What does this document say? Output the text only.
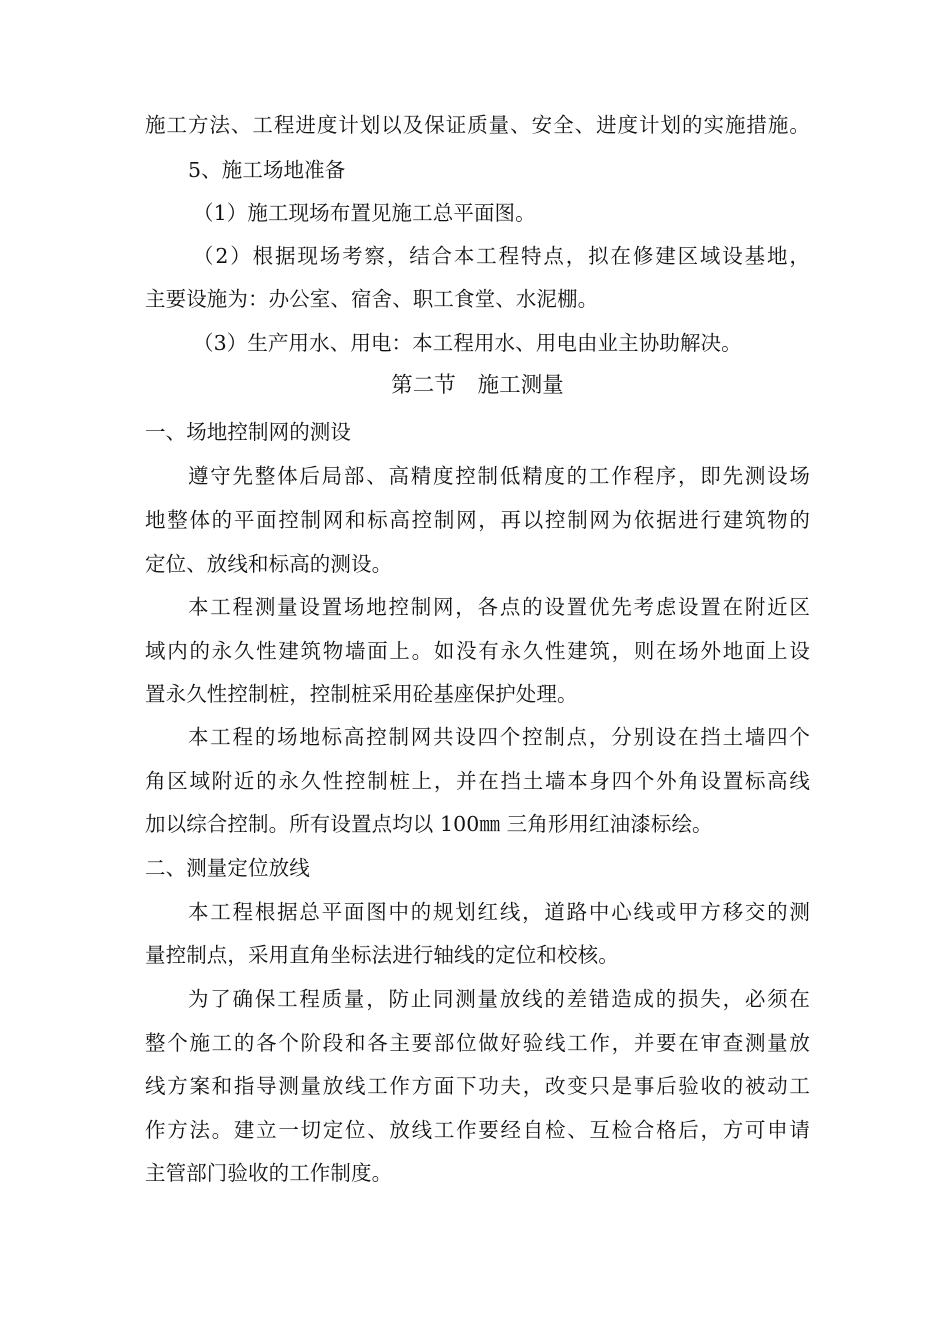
施工方法、工程进度计划以及保证质量、安全、进度计划的实施措施。
5、施工场地准备
（1）施工现场布置见施工总平面图。
（2）根据现场考察，结合本工程特点，拟在修建区域设基地，
主要设施为：办公室、宿舍、职工食堂、水泥棚。
（3）生产用水、用电：本工程用水、用电由业主协助解决。
第二节　施工测量
一、场地控制网的测设
遵守先整体后局部、高精度控制低精度的工作程序，即先测设场
地整体的平面控制网和标高控制网，再以控制网为依据进行建筑物的
定位、放线和标高的测设。
本工程测量设置场地控制网，各点的设置优先考虑设置在附近区
域内的永久性建筑物墙面上。如没有永久性建筑，则在场外地面上设
置永久性控制桩，控制桩采用砼基座保护处理。
本工程的场地标高控制网共设四个控制点，分别设在挡土墙四个
角区域附近的永久性控制桩上，并在挡土墙本身四个外角设置标高线
加以综合控制。所有设置点均以 100㎜ 三角形用红油漆标绘。
二、测量定位放线
本工程根据总平面图中的规划红线，道路中心线或甲方移交的测
量控制点，采用直角坐标法进行轴线的定位和校核。
为了确保工程质量，防止同测量放线的差错造成的损失，必须在
整个施工的各个阶段和各主要部位做好验线工作，并要在审查测量放
线方案和指导测量放线工作方面下功夫，改变只是事后验收的被动工
作方法。建立一切定位、放线工作要经自检、互检合格后，方可申请
主管部门验收的工作制度。
